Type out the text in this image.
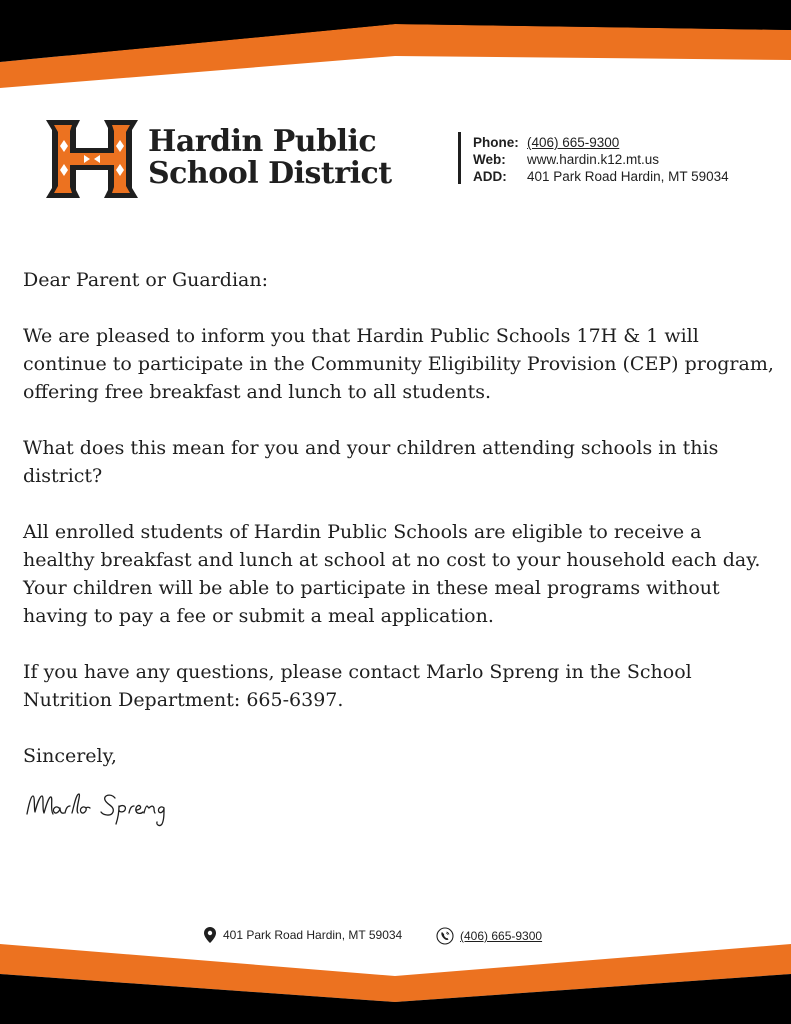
Hardin Public
School District
Phone: (406) 665-9300
Web:	www.hardin.k12.mt.us
ADD:	401 Park Road Hardin, MT 59034

Dear Parent or Guardian:

We are pleased to inform you that Hardin Public Schools 17H & 1 will continue to participate in the Community Eligibility Provision (CEP) program, offering free breakfast and lunch to all students.

What does this mean for you and your children attending schools in this district?

All enrolled students of Hardin Public Schools are eligible to receive a healthy breakfast and lunch at school at no cost to your household each day. Your children will be able to participate in these meal programs without having to pay a fee or submit a meal application.

If you have any questions, please contact Marlo Spreng in the School Nutrition Department: 665-6397.

Sincerely,

401 Park Road Hardin, MT 59034	(406) 665-9300
